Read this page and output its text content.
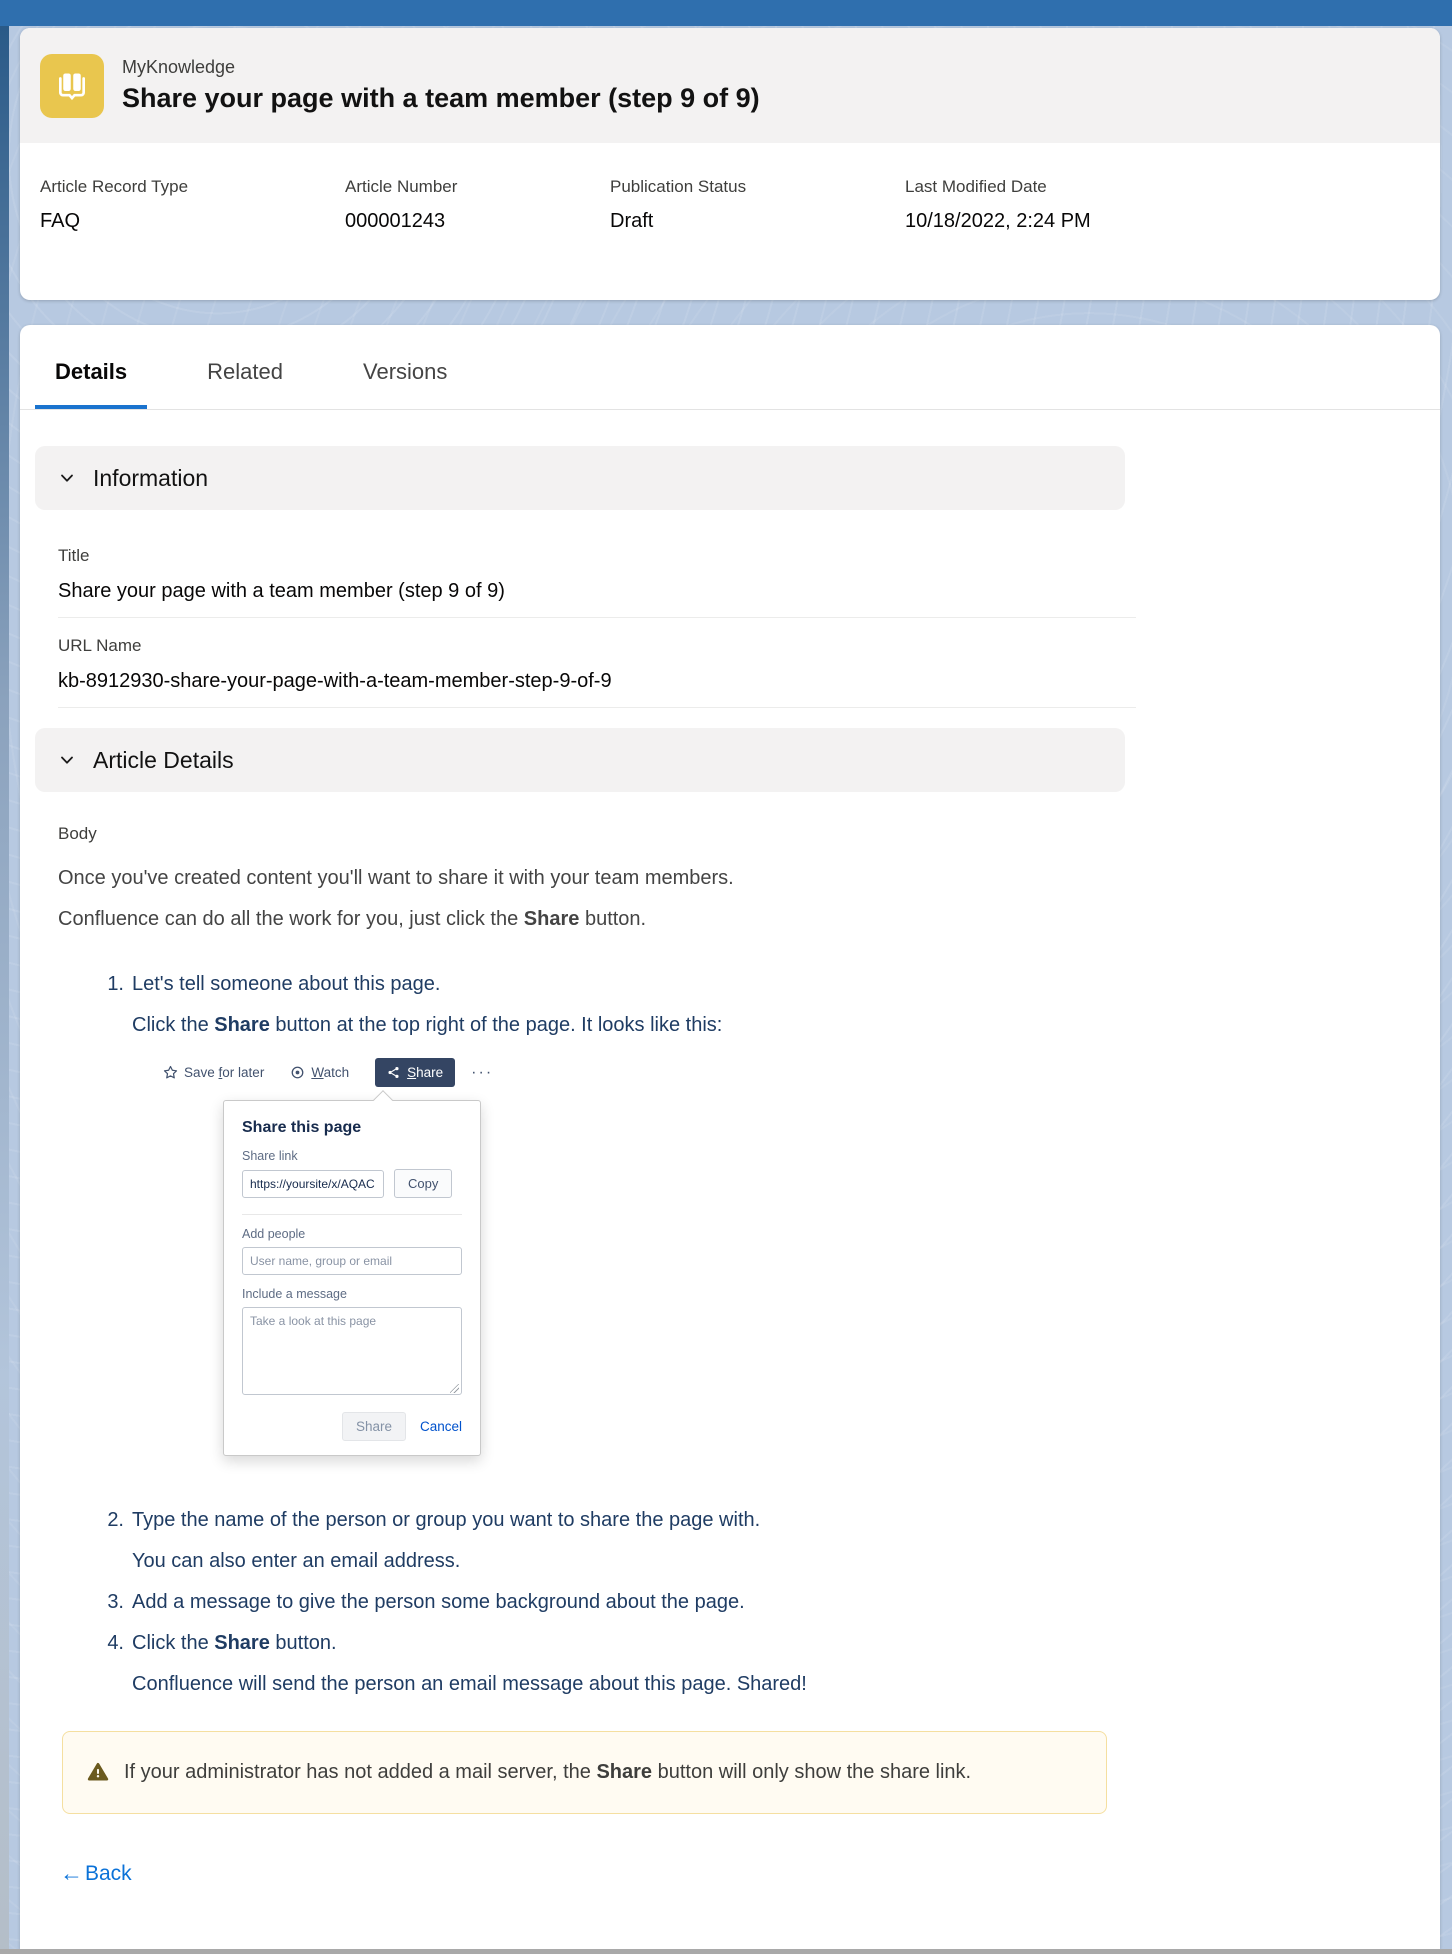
MyKnowledge
Share your page with a team member (step 9 of 9)
Article Record Type
FAQ
Article Number
000001243
Publication Status
Draft
Last Modified Date
10/18/2022, 2:24 PM
Details	Related	Versions
Information
Title
Share your page with a team member (step 9 of 9)
URL Name
kb-8912930-share-your-page-with-a-team-member-step-9-of-9
Article Details
Body
Once you've created content you'll want to share it with your team members.
Confluence can do all the work for you, just click the Share button.
1. Let's tell someone about this page.
Click the Share button at the top right of the page. It looks like this:
Save for later	Watch	Share ···
Share this page
Share link
https://yoursite/x/AQAC
Copy
Add people
User name, group or email
Include a message
Take a look at this page
Share	Cancel
2. Type the name of the person or group you want to share the page with.
You can also enter an email address.
3. Add a message to give the person some background about the page.
4. Click the Share button.
Confluence will send the person an email message about this page. Shared!
If your administrator has not added a mail server, the Share button will only show the share link.
← Back
